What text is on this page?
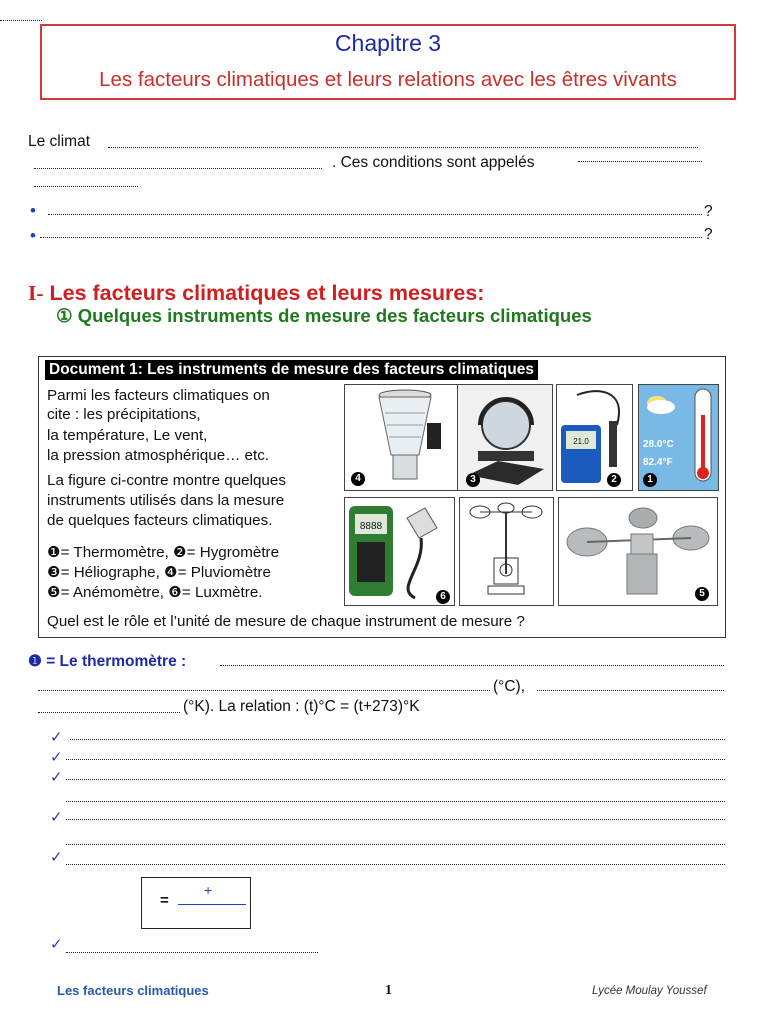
Chapitre 3
Les facteurs climatiques et leurs relations avec les êtres vivants
Le climat
. Ces conditions sont appelés
•	?
•	?
I- Les facteurs climatiques et leurs mesures:
① Quelques instruments de mesure des facteurs climatiques
Document 1: Les instruments de mesure des facteurs climatiques
Parmi les facteurs climatiques on
cite : les précipitations,
la température, Le vent,
la pression atmosphérique… etc.
La figure ci-contre montre quelques
instruments utilisés dans la mesure
de quelques facteurs climatiques.
❶= Thermomètre, ❷= Hygromètre
❸= Héliographe, ❹= Pluviomètre
❺= Anémomètre, ❻= Luxmètre.
Quel est le rôle et l’unité de mesure de chaque instrument de mesure ?
4	3
21.0
2
28.0°C
82.4°F
1
8888
6	5
❶ = Le thermomètre :
(°C),
(°K). La relation : (t)°C = (t+273)°K
✓
✓
✓
✓
✓
=
+
✓
Les facteurs climatiques	1	Lycée Moulay Youssef
